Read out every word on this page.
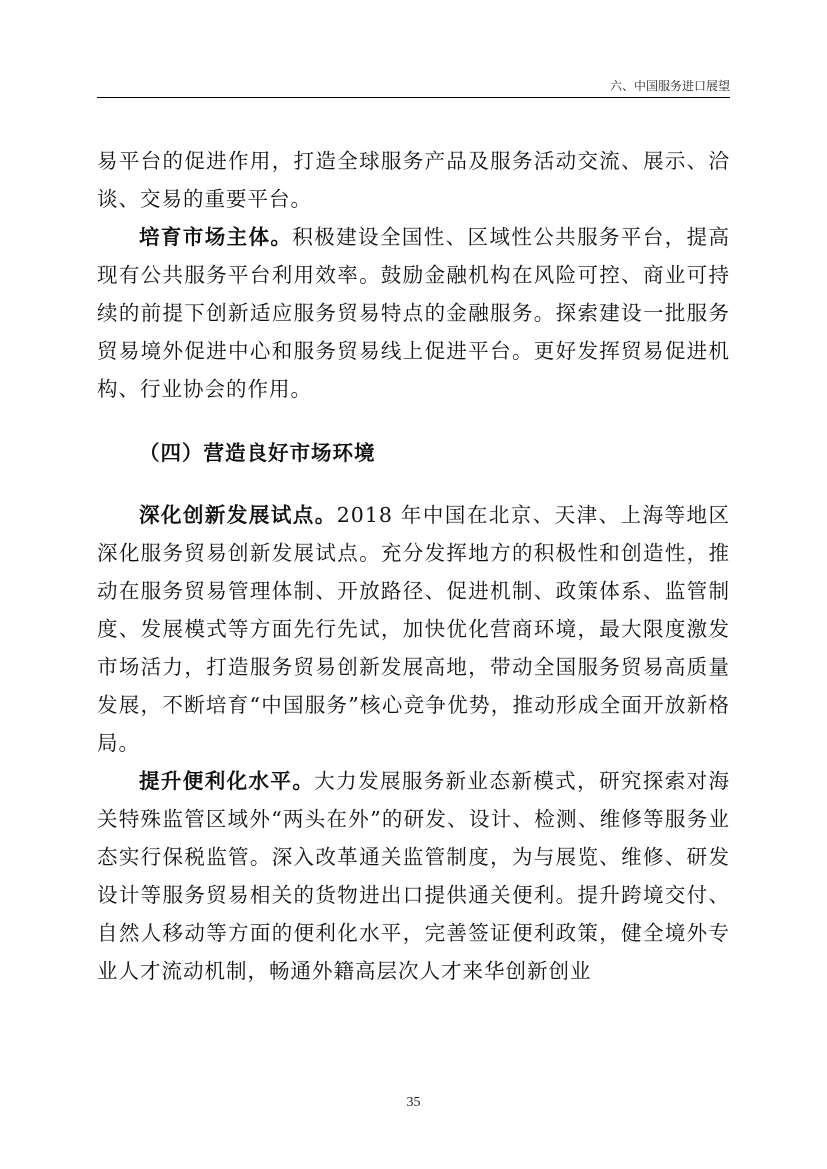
六、中国服务进口展望

易平台的促进作用，打造全球服务产品及服务活动交流、展示、洽谈、交易的重要平台。

培育市场主体。积极建设全国性、区域性公共服务平台，提高现有公共服务平台利用效率。鼓励金融机构在风险可控、商业可持续的前提下创新适应服务贸易特点的金融服务。探索建设一批服务贸易境外促进中心和服务贸易线上促进平台。更好发挥贸易促进机构、行业协会的作用。

（四）营造良好市场环境

深化创新发展试点。2018 年中国在北京、天津、上海等地区深化服务贸易创新发展试点。充分发挥地方的积极性和创造性，推动在服务贸易管理体制、开放路径、促进机制、政策体系、监管制度、发展模式等方面先行先试，加快优化营商环境，最大限度激发市场活力，打造服务贸易创新发展高地，带动全国服务贸易高质量发展，不断培育“中国服务”核心竞争优势，推动形成全面开放新格局。

提升便利化水平。大力发展服务新业态新模式，研究探索对海关特殊监管区域外“两头在外”的研发、设计、检测、维修等服务业态实行保税监管。深入改革通关监管制度，为与展览、维修、研发设计等服务贸易相关的货物进出口提供通关便利。提升跨境交付、自然人移动等方面的便利化水平，完善签证便利政策，健全境外专业人才流动机制，畅通外籍高层次人才来华创新创业

35
